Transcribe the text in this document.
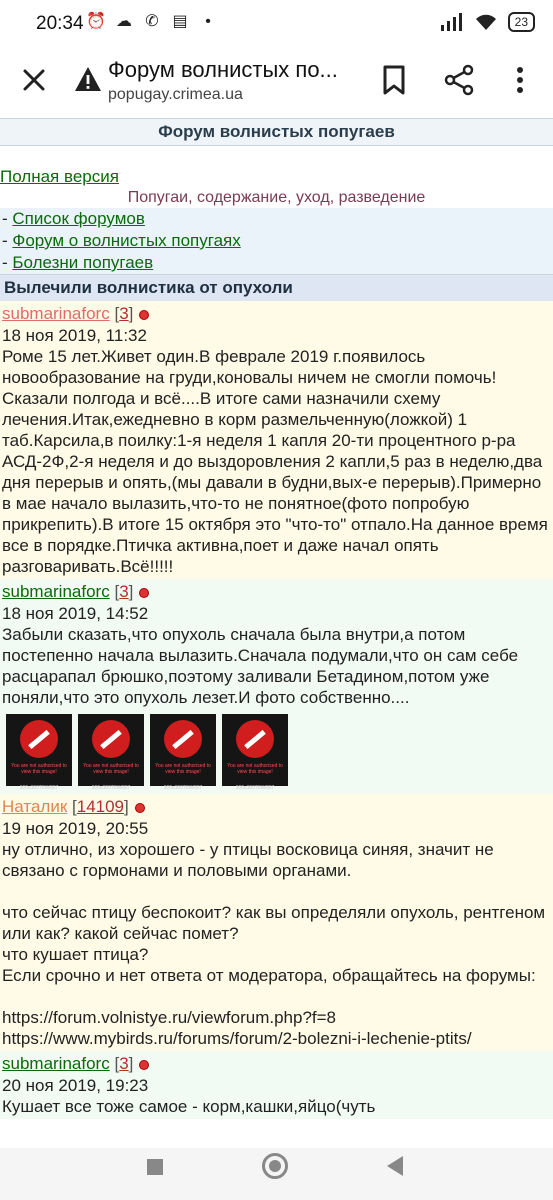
20:34 ⏰ ☁ ✆ ▤	•	23
Форум волнистых по...
popugay.crimea.ua
Форум волнистых попугаев
Полная версия
Попугаи, содержание, уход, разведение
- Список форумов
- Форум о волнистых попугаях
- Болезни попугаев
Вылечили волнистика от опухоли
submarinaforc [3]
18 ноя 2019, 11:32

Роме 15 лет.Живет один.В феврале 2019 г.появилось новообразование на груди,коновалы ничем не смогли помочь! Сказали полгода и всё....В итоге сами назначили схему лечения.Итак,ежедневно в корм размельченную(ложкой) 1 таб.Карсила,в поилку:1-я неделя 1 капля 20-ти процентного р-ра АСД-2Ф,2-я неделя и до выздоровления 2 капли,5 раз в неделю,два дня перерыв и опять,(мы давали в будни,вых-е перерыв).Примерно в мае начало вылазить,что-то не понятное(фото попробую прикрепить).В итоге 15 октября это "что-то" отпало.На данное время все в порядке.Птичка активна,поет и даже начал опять разговаривать.Всё!!!!!

submarinaforc [3]
18 ноя 2019, 14:52

Забыли сказать,что опухоль сначала была внутри,а потом постепенно начала вылазить.Сначала подумали,что он сам себе расцарапал брюшко,поэтому заливали Бетадином,потом уже поняли,что это опухоль лезет.И фото собственно....

You are not authorised to view this image!
300x300T6W6E7
You are not authorised to view this image!
300x300T6W6E7
You are not authorised to view this image!
300x300T6W6E7
You are not authorised to view this image!
300x300T6W6E7
Наталик [14109]
19 ноя 2019, 20:55

ну отлично, из хорошего - у птицы восковица синяя, значит не связано с гормонами и половыми органами.

что сейчас птицу беспокоит? как вы определяли опухоль, рентгеном или как? какой сейчас помет?

что кушает птица?

Если срочно и нет ответа от модератора, обращайтесь на форумы:

https://forum.volnistye.ru/viewforum.php?f=8

https://www.mybirds.ru/forums/forum/2-bolezni-i-lechenie-ptits/

submarinaforc [3]
20 ноя 2019, 19:23

Кушает все тоже самое - корм,кашки,яйцо(чуть
